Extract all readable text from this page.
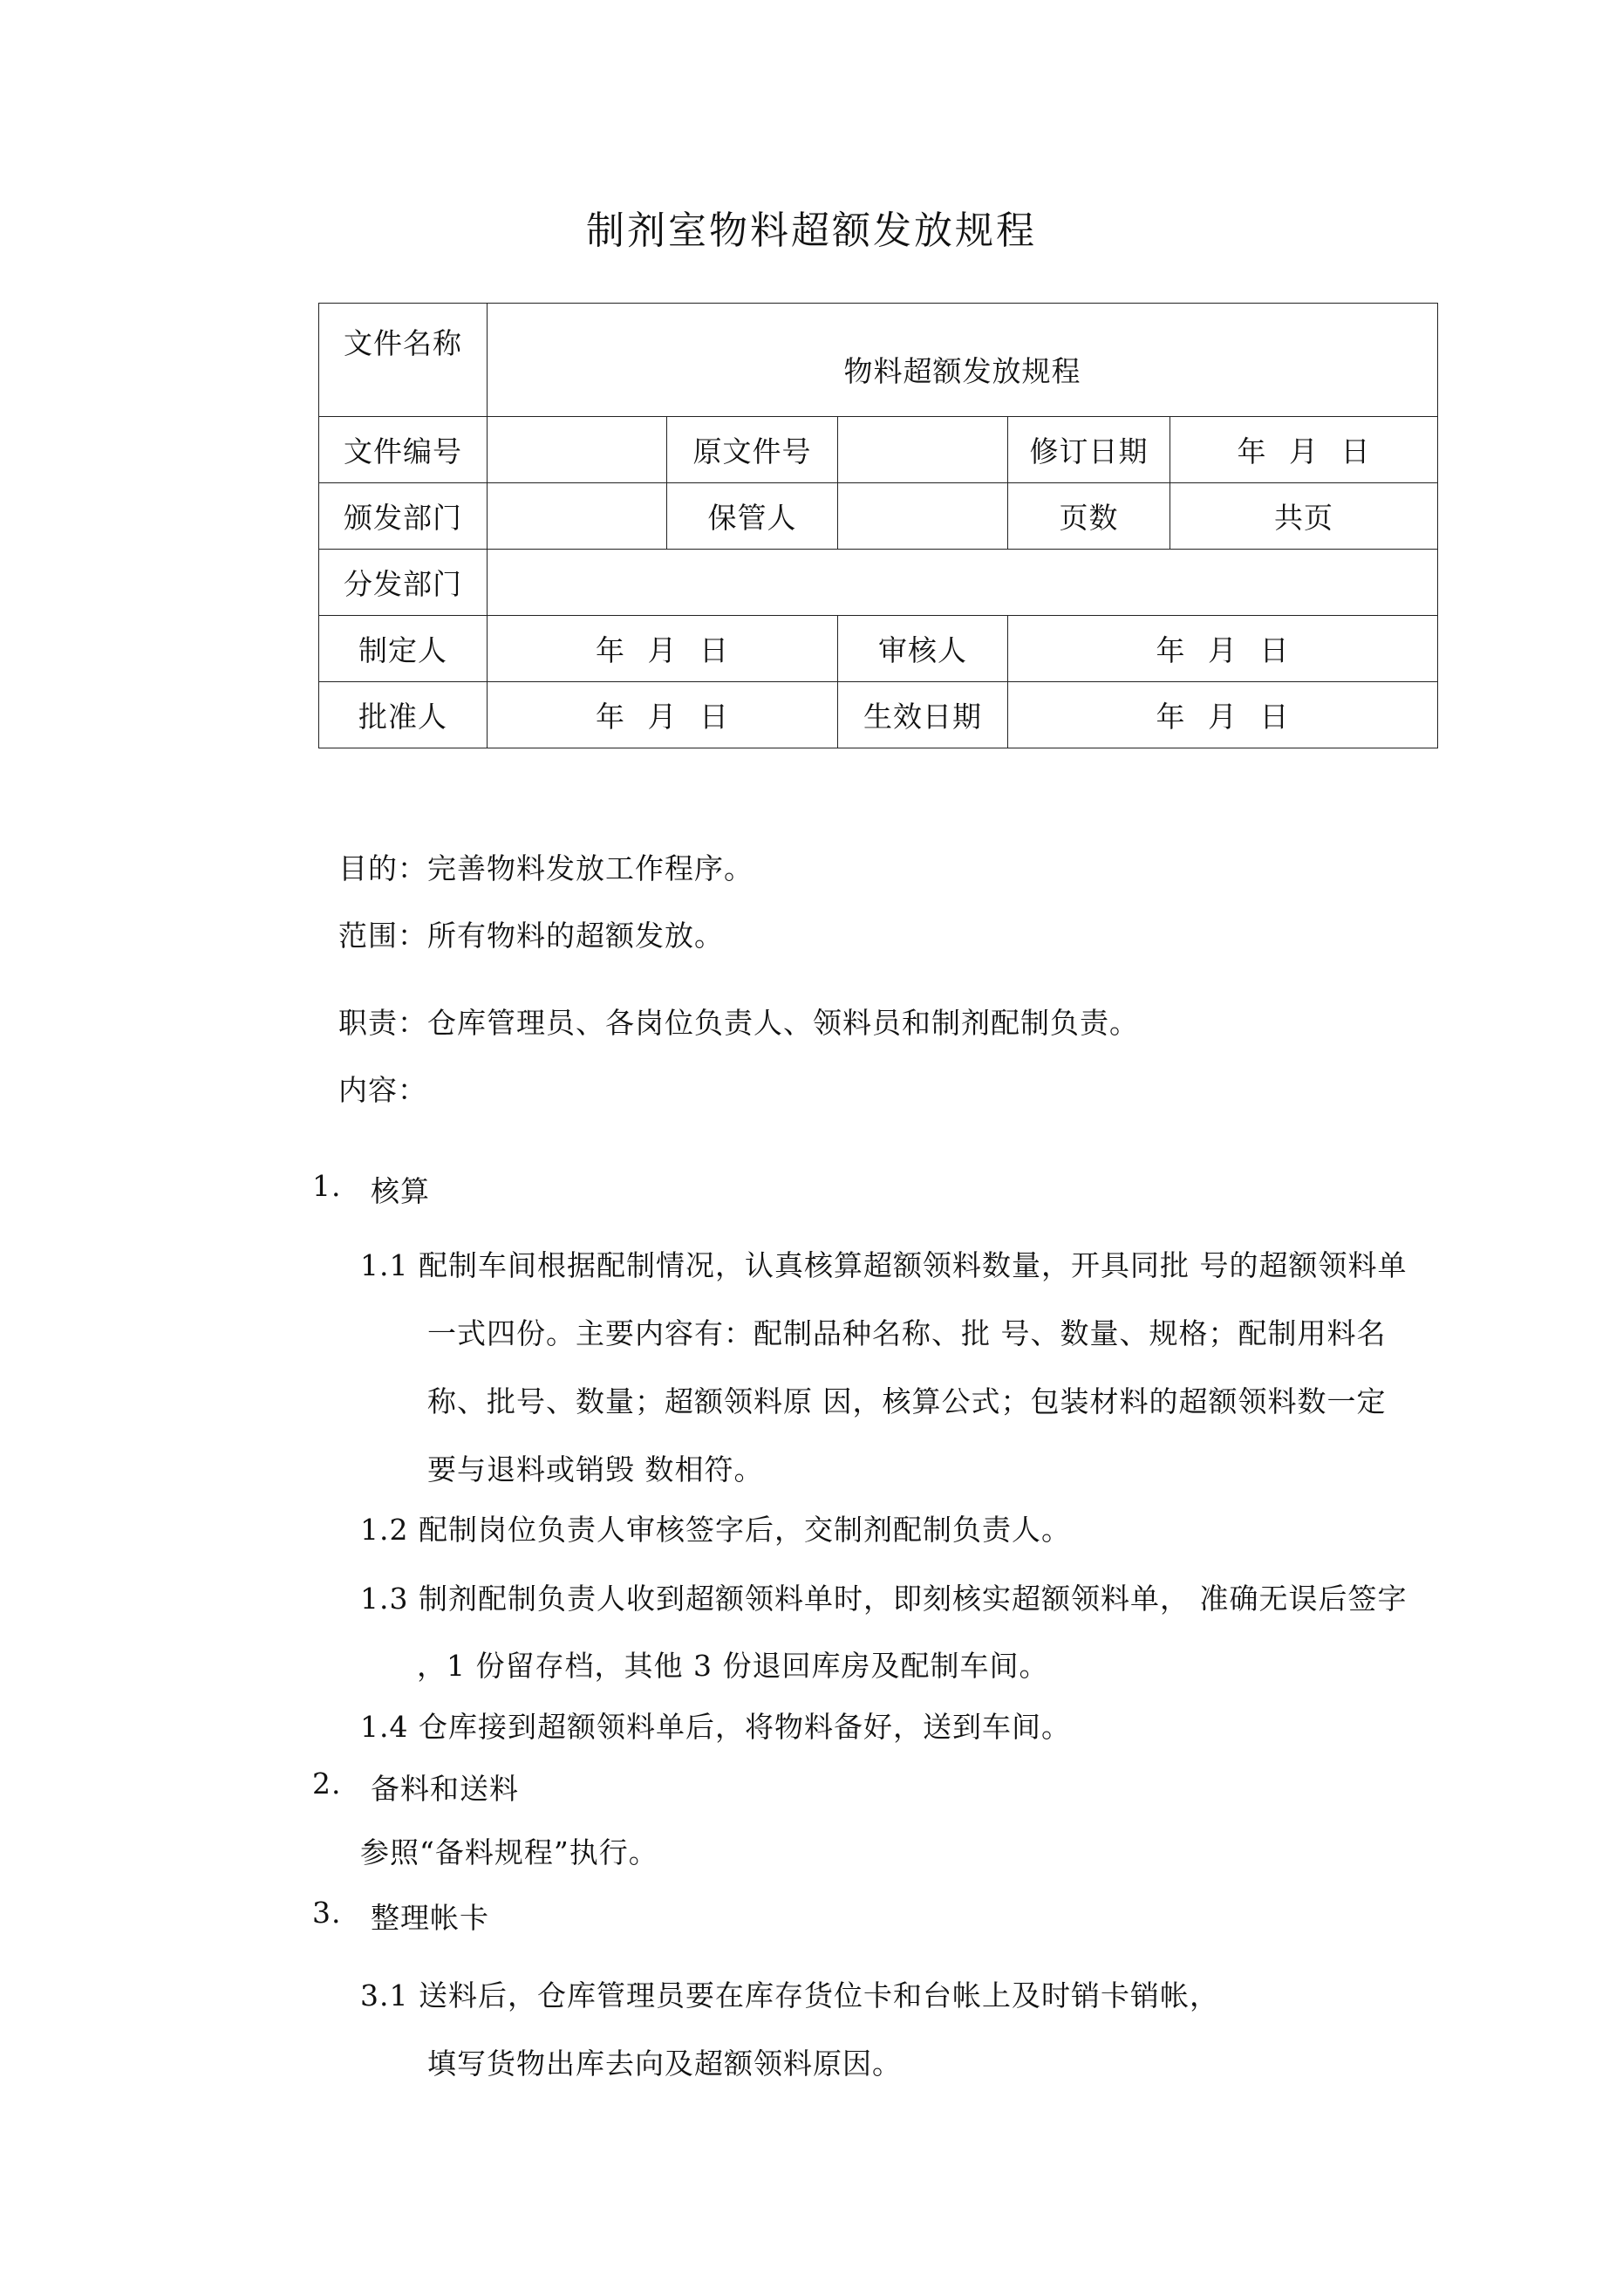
制剂室物料超额发放规程
文件名称	物料超额发放规程				
文件编号		原文件号		修订日期	年 月 日
颁发部门		保管人		页数	共页
分发部门					
制定人	年 月 日		审核人	年 月 日	
批准人	年 月 日		生效日期	年 月 日	
目的：完善物料发放工作程序。
范围：所有物料的超额发放。
职责：仓库管理员、各岗位负责人、领料员和制剂配制负责。
内容：
1. 核算
1.1 配制车间根据配制情况，认真核算超额领料数量，开具同批 号的超额领料单
一式四份。主要内容有：配制品种名称、批 号、数量、规格；配制用料名
称、批号、数量；超额领料原 因，核算公式；包装材料的超额领料数一定
要与退料或销毁 数相符。
1.2 配制岗位负责人审核签字后，交制剂配制负责人。
1.3 制剂配制负责人收到超额领料单时，即刻核实超额领料单， 准确无误后签字
，1 份留存档，其他 3 份退回库房及配制车间。
1.4 仓库接到超额领料单后，将物料备好，送到车间。
2. 备料和送料
参照“备料规程”执行。
3. 整理帐卡
3.1 送料后，仓库管理员要在库存货位卡和台帐上及时销卡销帐，
填写货物出库去向及超额领料原因。
